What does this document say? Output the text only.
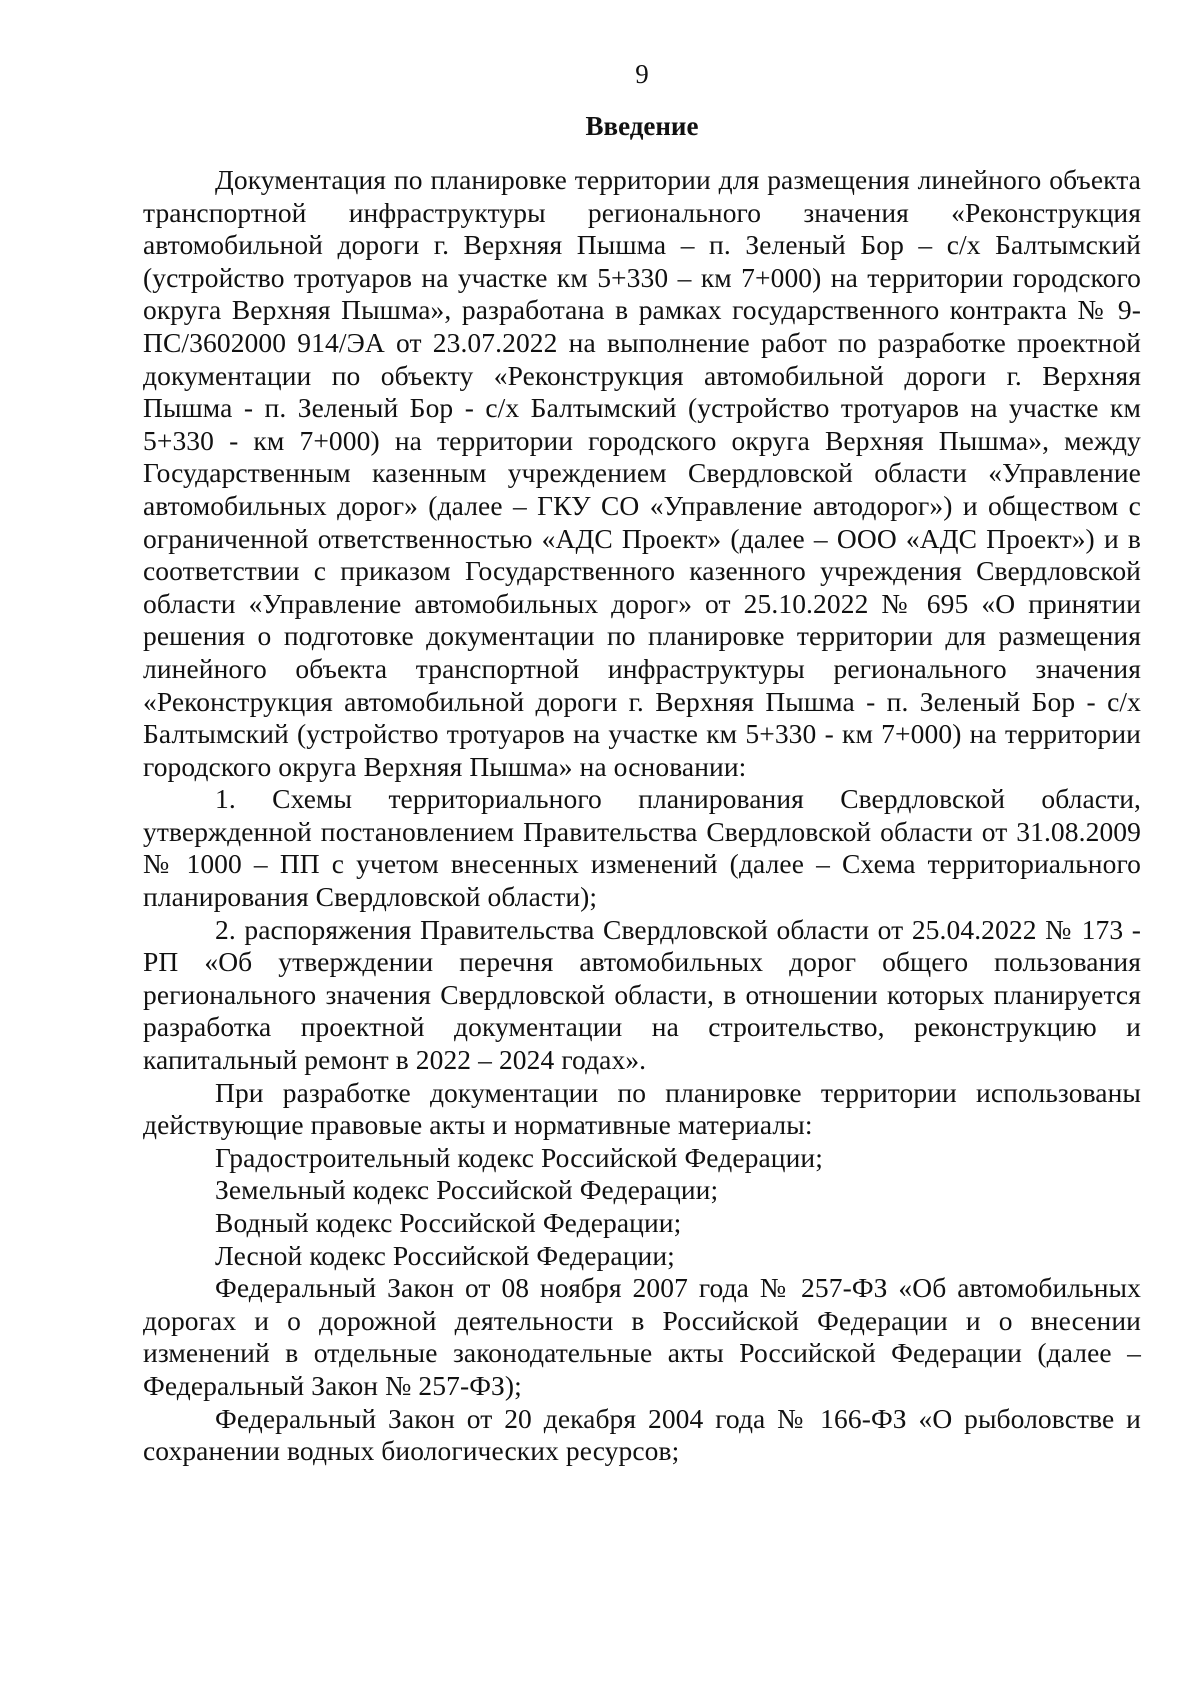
9
Введение

Документация по планировке территории для размещения линейного объекта транспортной инфраструктуры регионального значения «Реконструкция автомобильной дороги г. Верхняя Пышма – п. Зеленый Бор – с/х Балтымский (устройство тротуаров на участке км 5+330 – км 7+000) на территории городского округа Верхняя Пышма», разработана в рамках государственного контракта № 9-ПС/3602000 914/ЭА от 23.07.2022 на выполнение работ по разработке проектной документации по объекту «Реконструкция автомобильной дороги г. Верхняя Пышма - п. Зеленый Бор - с/х Балтымский (устройство тротуаров на участке км 5+330 - км 7+000) на территории городского округа Верхняя Пышма», между Государственным казенным учреждением Свердловской области «Управление автомобильных дорог» (далее – ГКУ СО «Управление автодорог») и обществом с ограниченной ответственностью «АДС Проект» (далее – ООО «АДС Проект») и в соответствии с приказом Государственного казенного учреждения Свердловской области «Управление автомобильных дорог» от 25.10.2022 № 695 «О принятии решения о подготовке документации по планировке территории для размещения линейного объекта транспортной инфраструктуры регионального значения «Реконструкция автомобильной дороги г. Верхняя Пышма - п. Зеленый Бор - с/х Балтымский (устройство тротуаров на участке км 5+330 - км 7+000) на территории городского округа Верхняя Пышма» на основании:

1. Схемы территориального планирования Свердловской области, утвержденной постановлением Правительства Свердловской области от 31.08.2009 № 1000 – ПП с учетом внесенных изменений (далее – Схема территориального планирования Свердловской области);

2. распоряжения Правительства Свердловской области от 25.04.2022 № 173 - РП «Об утверждении перечня автомобильных дорог общего пользования регионального значения Свердловской области, в отношении которых планируется разработка проектной документации на строительство, реконструкцию и капитальный ремонт в 2022 – 2024 годах».

При разработке документации по планировке территории использованы действующие правовые акты и нормативные материалы:

Градостроительный кодекс Российской Федерации;

Земельный кодекс Российской Федерации;

Водный кодекс Российской Федерации;

Лесной кодекс Российской Федерации;

Федеральный Закон от 08 ноября 2007 года № 257-ФЗ «Об автомобильных дорогах и о дорожной деятельности в Российской Федерации и о внесении изменений в отдельные законодательные акты Российской Федерации (далее – Федеральный Закон № 257-ФЗ);

Федеральный Закон от 20 декабря 2004 года № 166-ФЗ «О рыболовстве и сохранении водных биологических ресурсов;
